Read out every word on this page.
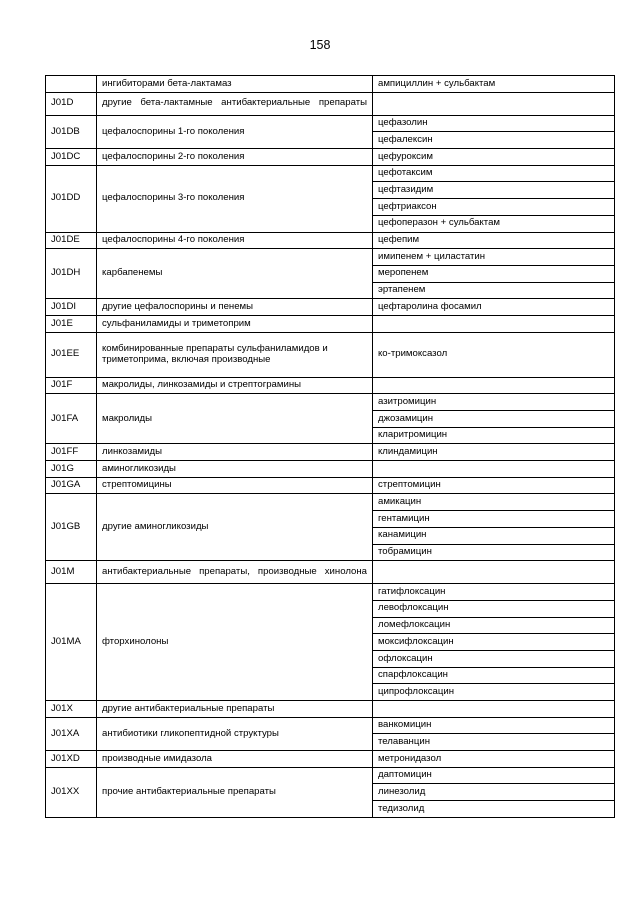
158
	ингибиторами бета-лактамаз	ампициллин + сульбактам
J01D	другие бета-лактамные антибактериальные препараты	
J01DB	цефалоспорины 1-го поколения	цефазолин
		цефалексин
J01DC	цефалоспорины 2-го поколения	цефуроксим
J01DD	цефалоспорины 3-го поколения	цефотаксим
		цефтазидим
		цефтриаксон
		цефоперазон + сульбактам
J01DE	цефалоспорины 4-го поколения	цефепим
J01DH	карбапенемы	имипенем + циластатин
		меропенем
		эртапенем
J01DI	другие цефалоспорины и пенемы	цефтаролина фосамил
J01E	сульфаниламиды и триметоприм	
J01EE	комбинированные препараты сульфаниламидов и триметоприма, включая производные	ко-тримоксазол
J01F	макролиды, линкозамиды и стрептограмины	
J01FA	макролиды	азитромицин
		джозамицин
		кларитромицин
J01FF	линкозамиды	клиндамицин
J01G	аминогликозиды	
J01GA	стрептомицины	стрептомицин
J01GB	другие аминогликозиды	амикацин
		гентамицин
		канамицин
		тобрамицин
J01M	антибактериальные препараты, производные хинолона	
J01MA	фторхинолоны	гатифлоксацин
		левофлоксацин
		ломефлоксацин
		моксифлоксацин
		офлоксацин
		спарфлоксацин
		ципрофлоксацин
J01X	другие антибактериальные препараты	
J01XA	антибиотики гликопептидной структуры	ванкомицин
		телаванцин
J01XD	производные имидазола	метронидазол
J01XX	прочие антибактериальные препараты	даптомицин
		линезолид
		тедизолид
